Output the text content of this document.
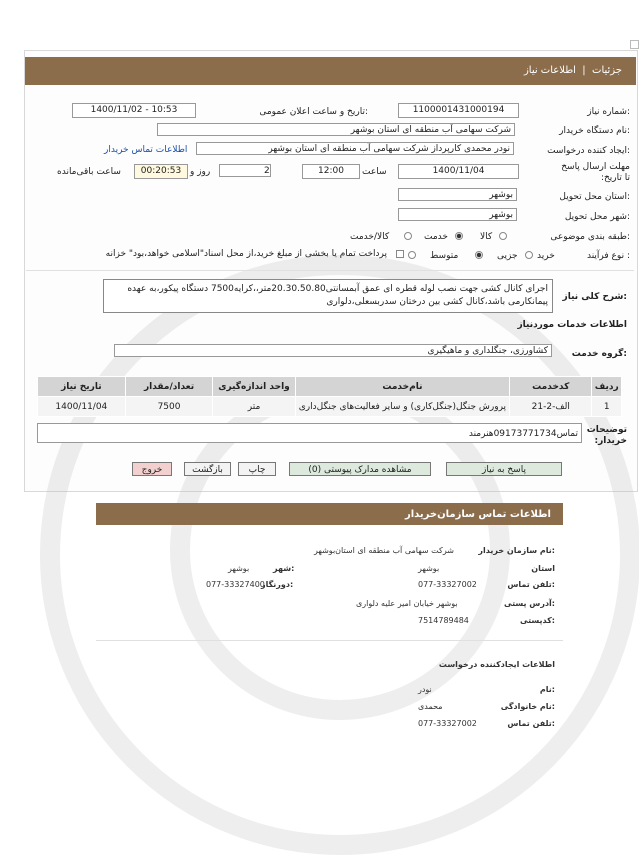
جزئیات  |  اطلاعات نیاز
شماره نیاز:
1100001431000194
تاریخ و ساعت اعلان عمومی:
1400/11/02 - 10:53
نام دستگاه خریدار:
شرکت سهامی آب منطقه ای استان بوشهر
ایجاد کننده درخواست:
نودر محمدی کارپرداز شرکت سهامی آب منطقه ای استان بوشهر
اطلاعات تماس خریدار
مهلت ارسال پاسخ تا تاریخ:
1400/11/04
ساعت
12:00
2
روز و
00:20:53
ساعت باقی‌مانده
استان محل تحویل:
بوشهر
شهر محل تحویل:
بوشهر
طبقه بندی موضوعی:
کالا
خدمت
کالا/خدمت
نوع فرآیند :
خرید
جزیی
متوسط
پرداخت تمام یا بخشی از مبلغ خرید،از محل اسناد"اسلامی خواهد،بود" خزانه
شرح کلی نیاز:
اجرای کانال کشی جهت نصب لوله قطره ای عمق آبمسانتی20.30.50.80متر،،کرایه7500 دستگاه پیکور،به عهده پیمانکارمی باشد،کانال کشی بین درختان سدربسعلی،دلواری
اطلاعات خدمات موردنیاز
گروه خدمت:
کشاورزی، جنگلداری و ماهیگیری
ردیف	کدخدمت	نام‌خدمت	واحد اندازه‌گیری	تعداد/مقدار	تاریخ نیاز
1	الف-2-21	پرورش جنگل(جنگل‌کاری) و سایر فعالیت‌های جنگل‌داری	متر	7500	1400/11/04
توضیحات خریدار:
تماس09173771734هنرمند
پاسخ به نیاز
مشاهده مدارک پیوستی (0)
چاپ
بازگشت
خروج
اطلاعات تماس سازمان‌خریدار
نام سازمان خریدار:
شرکت سهامی آب منطقه ای استان‌بوشهر
استان
بوشهر
شهر:
بوشهر
تلفن تماس:
077-33327002
دورنگار:
077-33327400
آدرس پستی:
بوشهر خیابان امیر علیه دلواری
کدپستی:
7514789484
اطلاعات ایجادکننده درخواست
نام:
نودر
نام خانوادگی:
محمدی
تلفن تماس:
077-33327002
